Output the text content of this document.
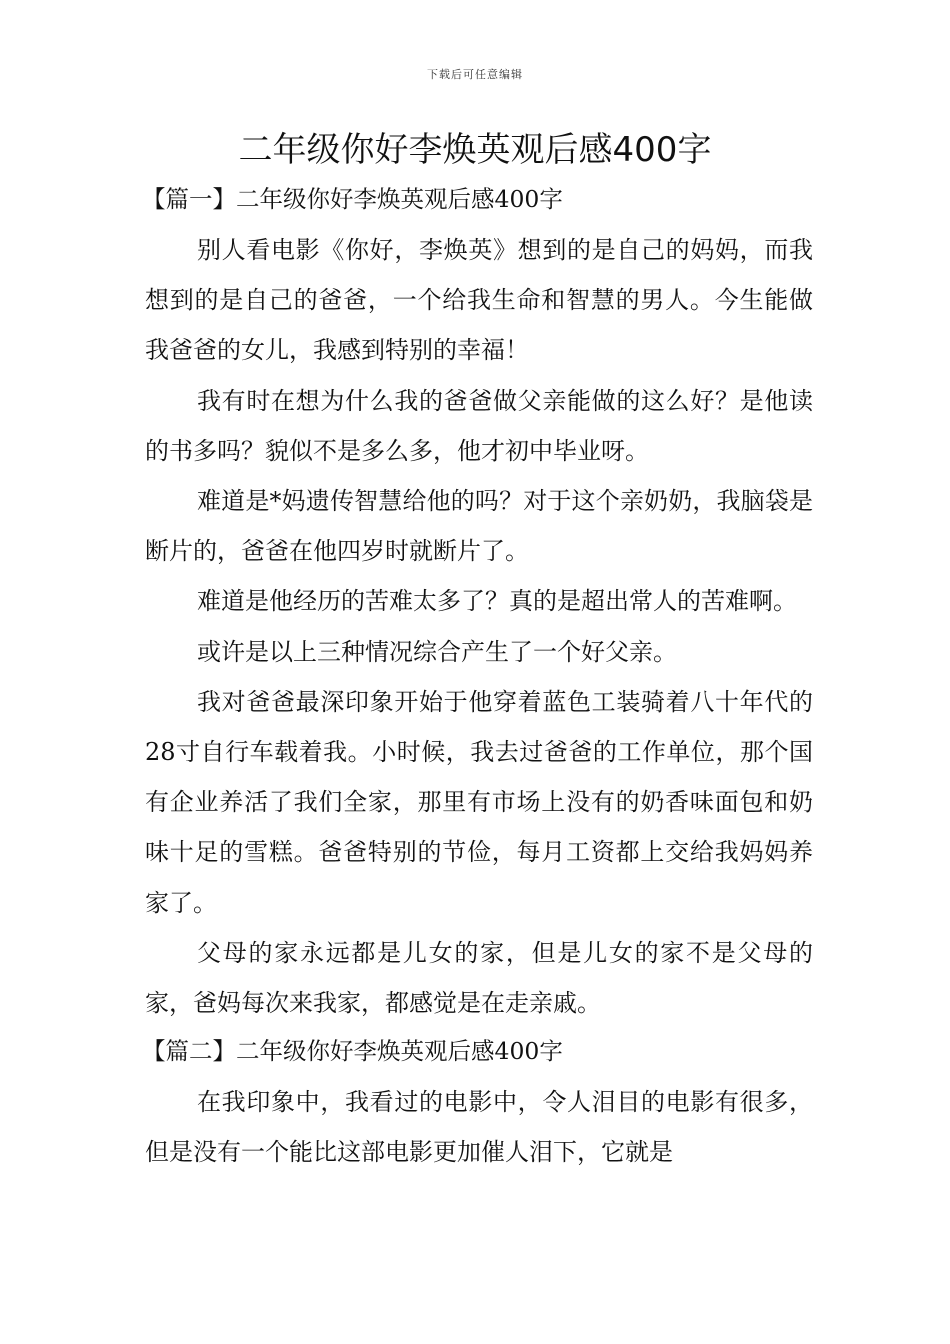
下载后可任意编辑
二年级你好李焕英观后感400字
【篇一】二年级你好李焕英观后感400字

别人看电影《你好，李焕英》想到的是自己的妈妈，而我想到的是自己的爸爸，一个给我生命和智慧的男人。今生能做我爸爸的女儿，我感到特别的幸福！

我有时在想为什么我的爸爸做父亲能做的这么好？是他读的书多吗？貌似不是多么多，他才初中毕业呀。

难道是*妈遗传智慧给他的吗？对于这个亲奶奶，我脑袋是断片的，爸爸在他四岁时就断片了。

难道是他经历的苦难太多了？真的是超出常人的苦难啊。

或许是以上三种情况综合产生了一个好父亲。

我对爸爸最深印象开始于他穿着蓝色工装骑着八十年代的28寸自行车载着我。小时候，我去过爸爸的工作单位，那个国有企业养活了我们全家，那里有市场上没有的奶香味面包和奶味十足的雪糕。爸爸特别的节俭，每月工资都上交给我妈妈养家了。

父母的家永远都是儿女的家，但是儿女的家不是父母的家，爸妈每次来我家，都感觉是在走亲戚。

【篇二】二年级你好李焕英观后感400字

在我印象中，我看过的电影中，令人泪目的电影有很多，但是没有一个能比这部电影更加催人泪下，它就是
